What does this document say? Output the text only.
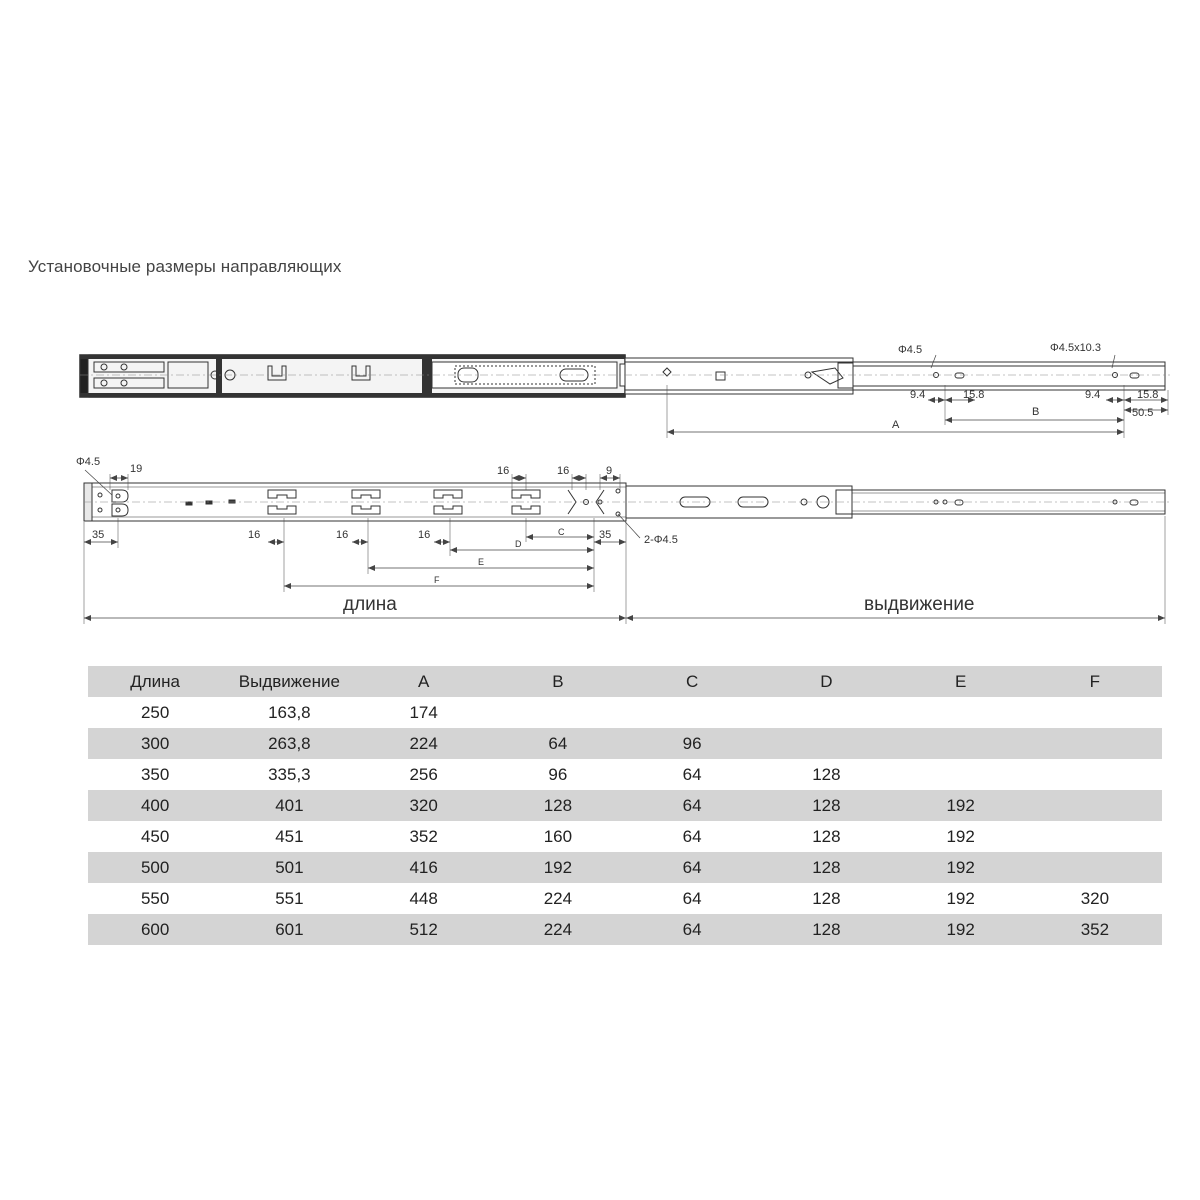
Установочные размеры направляющих
Φ4.5	Φ4.5x10.3
9.4	15.8	9.4	15.8
50.5
B
A
Φ4.5
19	16	16	9
35	35
16	16	16	2-Φ4.5
C
D
E
F
длина	выдвижение
Длина	Выдвижение	A	B	C	D	E	F
250	163,8	174					
300	263,8	224	64	96			
350	335,3	256	96	64	128		
400	401	320	128	64	128	192	
450	451	352	160	64	128	192	
500	501	416	192	64	128	192	
550	551	448	224	64	128	192	320
600	601	512	224	64	128	192	352
